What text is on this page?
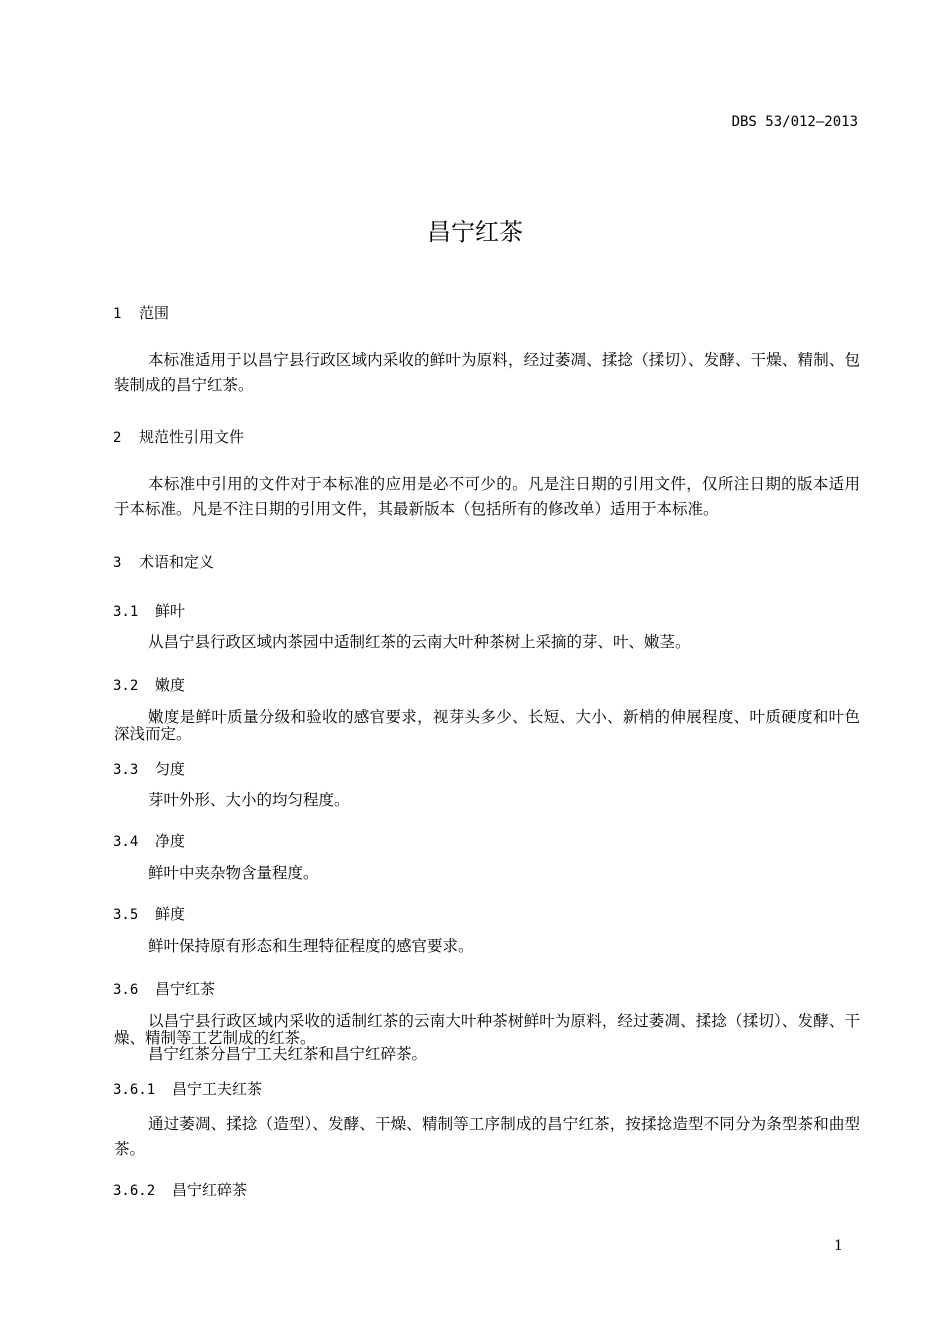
DBS 53/012—2013
昌宁红茶
1 范围
本标准适用于以昌宁县行政区域内采收的鲜叶为原料，经过萎凋、揉捻（揉切）、发酵、干燥、精制、包装制成的昌宁红茶。
2 规范性引用文件
本标准中引用的文件对于本标准的应用是必不可少的。凡是注日期的引用文件，仅所注日期的版本适用于本标准。凡是不注日期的引用文件，其最新版本（包括所有的修改单）适用于本标准。
3 术语和定义
3.1 鲜叶
从昌宁县行政区域内茶园中适制红茶的云南大叶种茶树上采摘的芽、叶、嫩茎。
3.2 嫩度
嫩度是鲜叶质量分级和验收的感官要求，视芽头多少、长短、大小、新梢的伸展程度、叶质硬度和叶色深浅而定。
3.3 匀度
芽叶外形、大小的均匀程度。
3.4 净度
鲜叶中夹杂物含量程度。
3.5 鲜度
鲜叶保持原有形态和生理特征程度的感官要求。
3.6 昌宁红茶
以昌宁县行政区域内采收的适制红茶的云南大叶种茶树鲜叶为原料，经过萎凋、揉捻（揉切）、发酵、干燥、精制等工艺制成的红茶。
昌宁红茶分昌宁工夫红茶和昌宁红碎茶。
3.6.1 昌宁工夫红茶
通过萎凋、揉捻（造型）、发酵、干燥、精制等工序制成的昌宁红茶，按揉捻造型不同分为条型茶和曲型茶。
3.6.2 昌宁红碎茶
1
